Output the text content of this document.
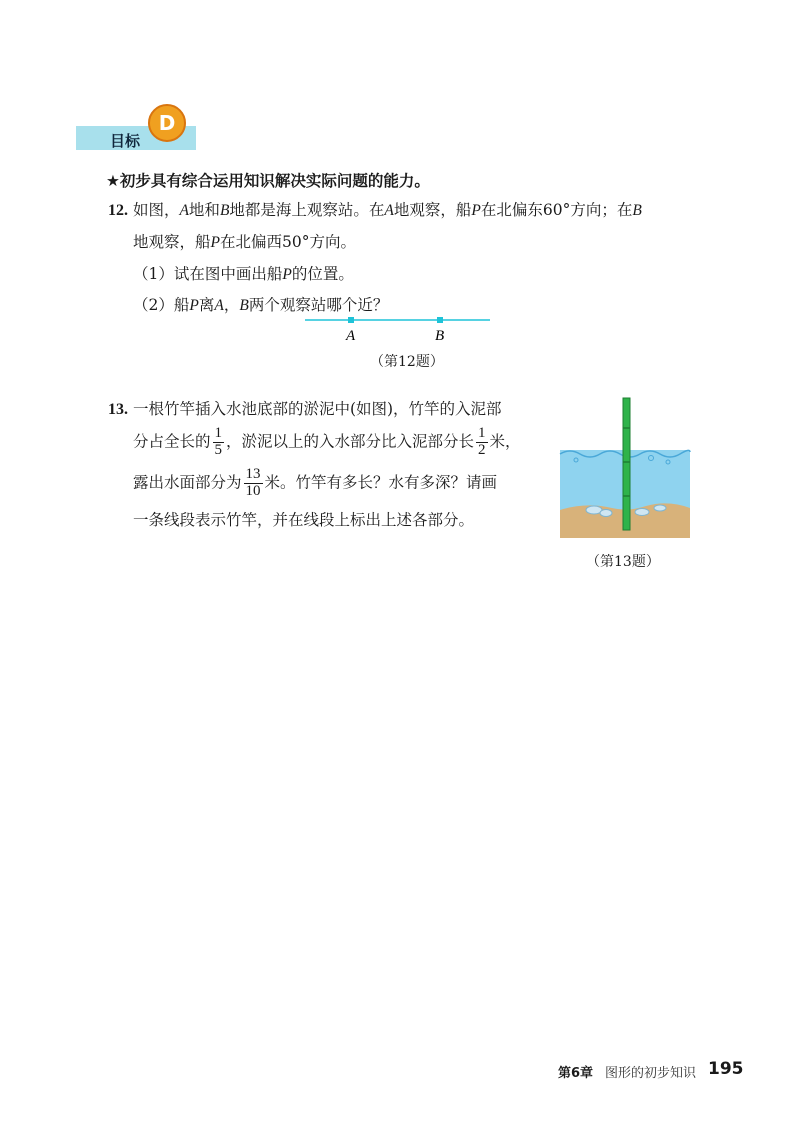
目标
D
★初步具有综合运用知识解决实际问题的能力。
12. 如图，A地和B地都是海上观察站。在A地观察，船P在北偏东60°方向；在B
地观察，船P在北偏西50°方向。
（1）试在图中画出船P的位置。
（2）船P离A，B两个观察站哪个近？
A	B
（第12题）
13. 一根竹竿插入水池底部的淤泥中(如图)，竹竿的入泥部
分占全长的 $\frac{1}{5}$ ，淤泥以上的入水部分比入泥部分长 $\frac{1}{2}$ 米，
露出水面部分为 $\frac{13}{10}$ 米。竹竿有多长？水有多深？请画
一条线段表示竹竿，并在线段上标出上述各部分。
（第13题）
第6章 图形的初步知识 195
